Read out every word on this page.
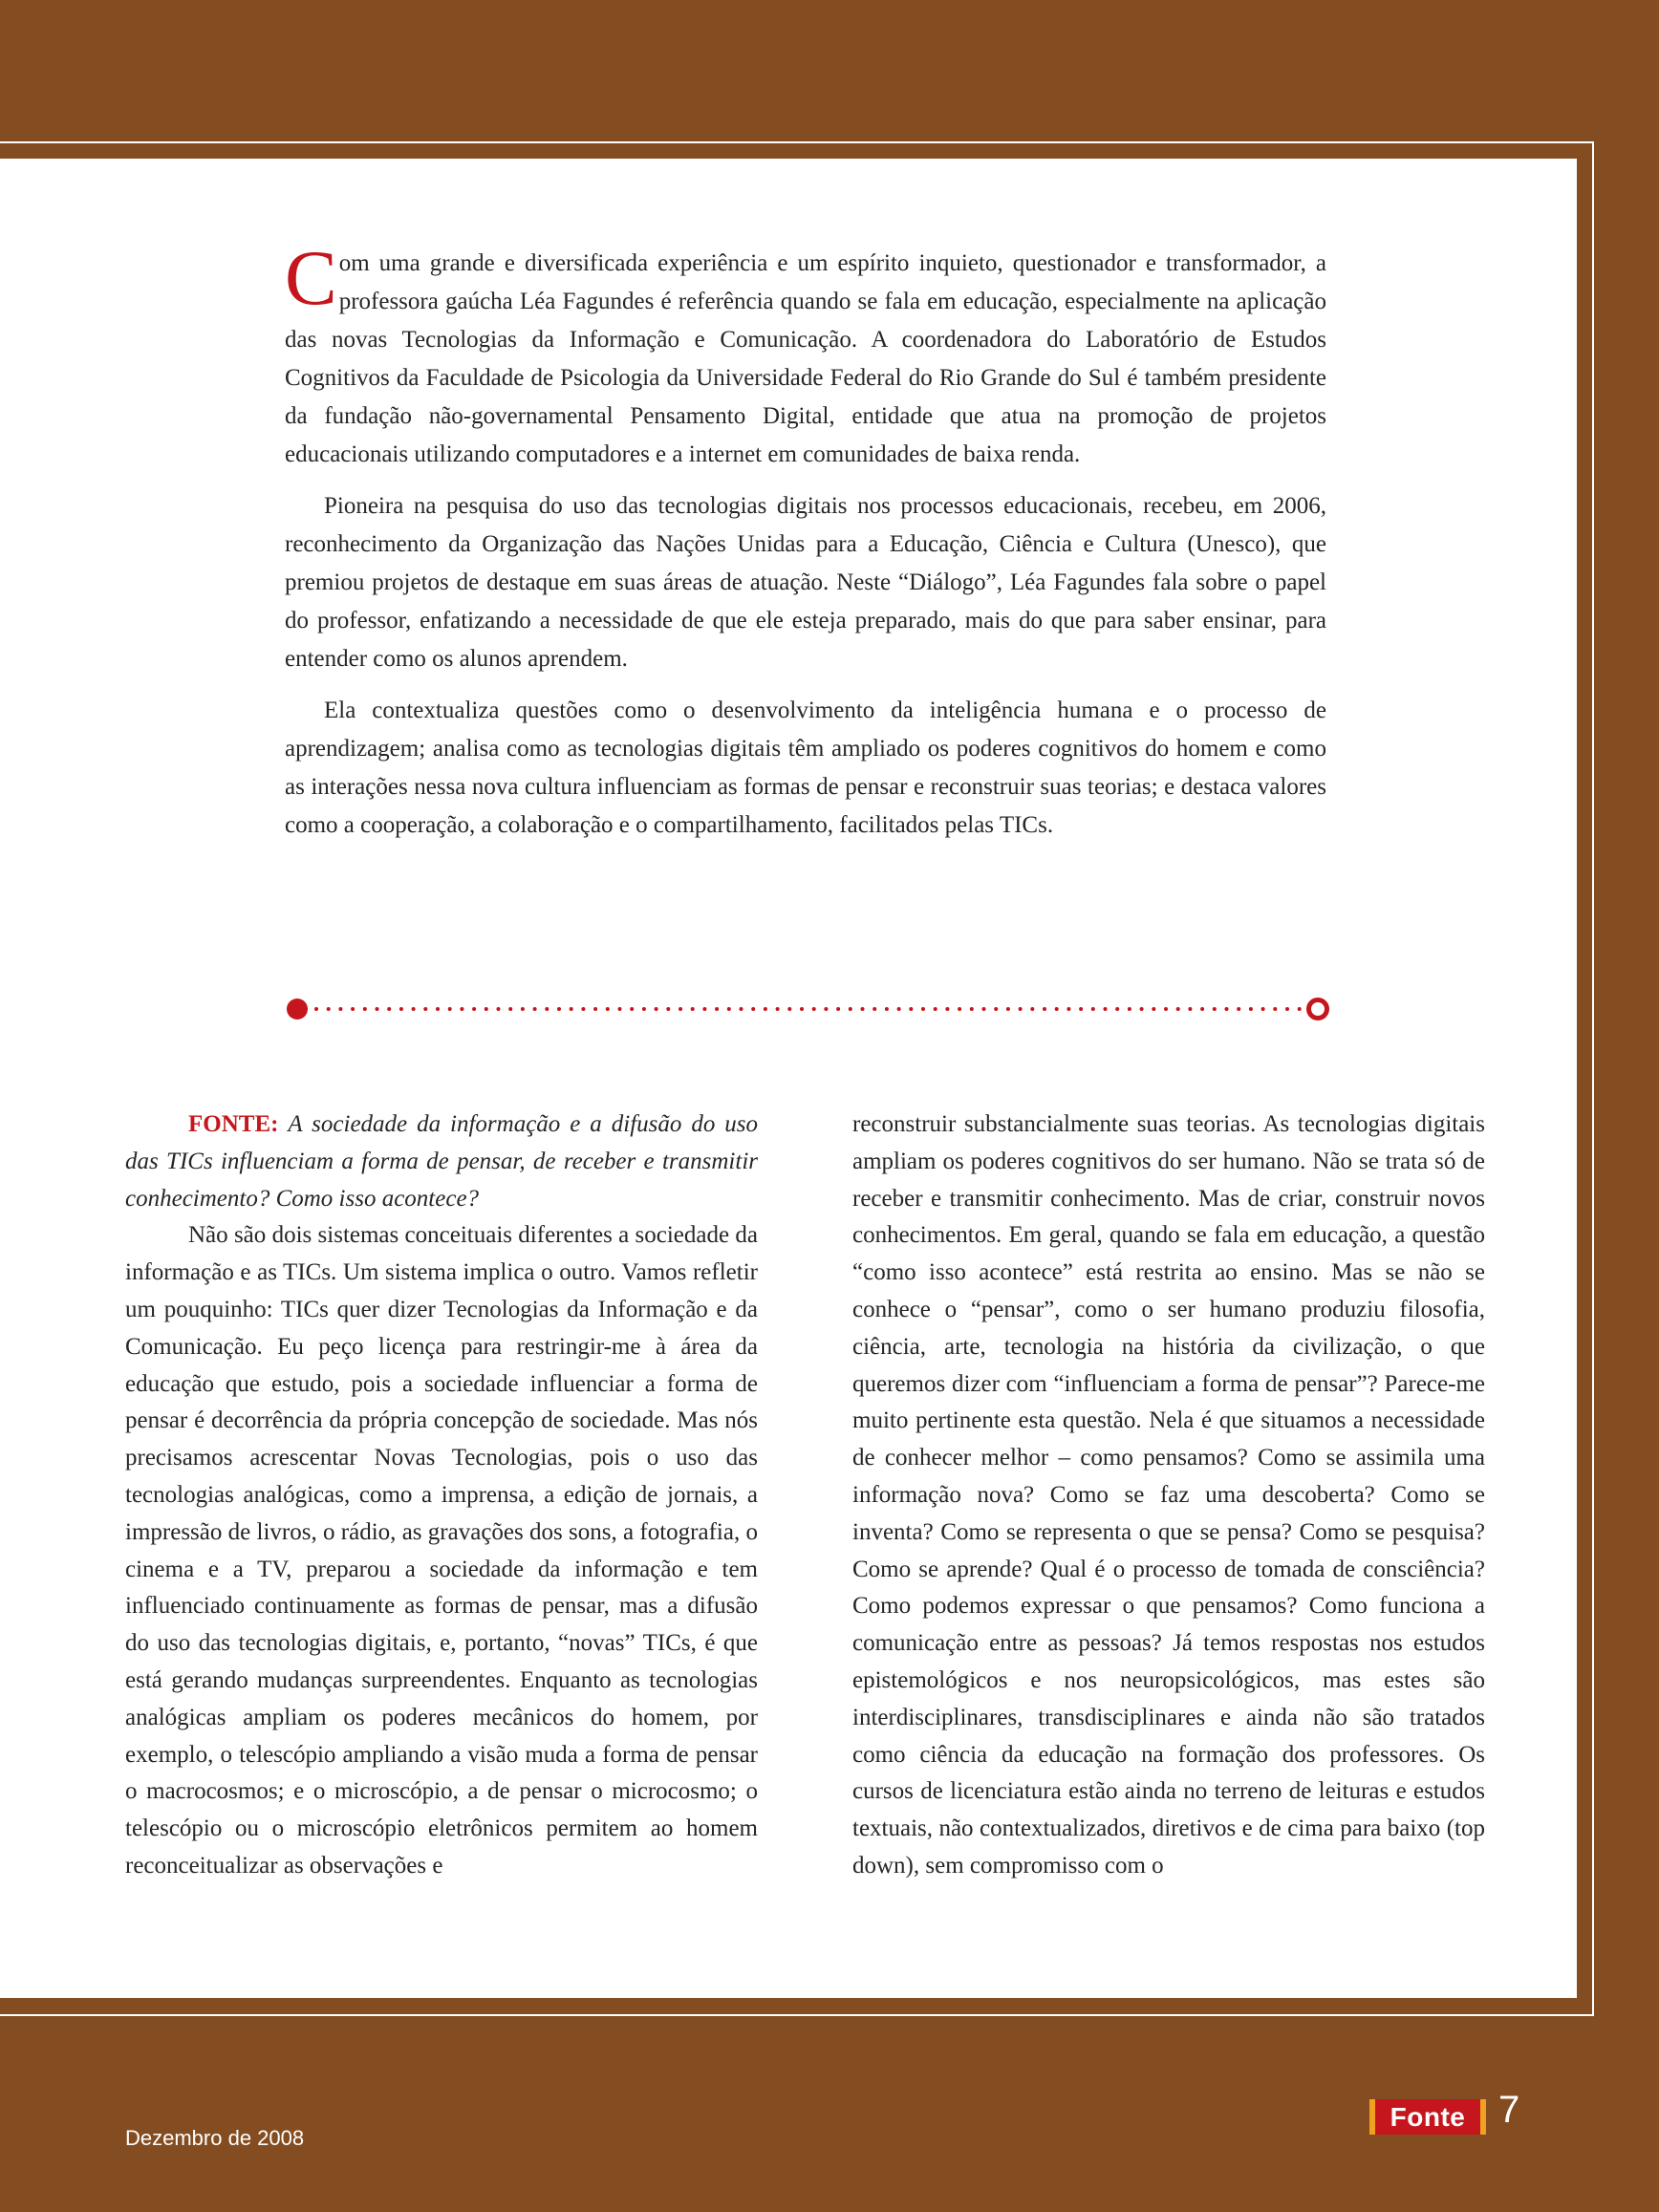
Com uma grande e diversificada experiência e um espírito inquieto, questionador e transformador, a professora gaúcha Léa Fagundes é referência quando se fala em educação, especialmente na aplicação das novas Tecnologias da Informação e Comunicação. A coordenadora do Laboratório de Estudos Cognitivos da Faculdade de Psicologia da Universidade Federal do Rio Grande do Sul é também presidente da fundação não-governamental Pensamento Digital, entidade que atua na promoção de projetos educacionais utilizando computadores e a internet em comunidades de baixa renda.

Pioneira na pesquisa do uso das tecnologias digitais nos processos educacionais, recebeu, em 2006, reconhecimento da Organização das Nações Unidas para a Educação, Ciência e Cultura (Unesco), que premiou projetos de destaque em suas áreas de atuação. Neste “Diálogo”, Léa Fagundes fala sobre o papel do professor, enfatizando a necessidade de que ele esteja preparado, mais do que para saber ensinar, para entender como os alunos aprendem.

Ela contextualiza questões como o desenvolvimento da inteligência humana e o processo de aprendizagem; analisa como as tecnologias digitais têm ampliado os poderes cognitivos do homem e como as interações nessa nova cultura influenciam as formas de pensar e reconstruir suas teorias; e destaca valores como a cooperação, a colaboração e o compartilhamento, facilitados pelas TICs.

FONTE: A sociedade da informação e a difusão do uso das TICs influenciam a forma de pensar, de receber e transmitir conhecimento? Como isso acontece?

Não são dois sistemas conceituais diferentes a sociedade da informação e as TICs. Um sistema implica o outro. Vamos refletir um pouquinho: TICs quer dizer Tecnologias da Informação e da Comunicação. Eu peço licença para restringir-me à área da educação que estudo, pois a sociedade influenciar a forma de pensar é decorrência da própria concepção de sociedade. Mas nós precisamos acrescentar Novas Tecnologias, pois o uso das tecnologias analógicas, como a imprensa, a edição de jornais, a impressão de livros, o rádio, as gravações dos sons, a fotografia, o cinema e a TV, preparou a sociedade da informação e tem influenciado continuamente as formas de pensar, mas a difusão do uso das tecnologias digitais, e, portanto, “novas” TICs, é que está gerando mudanças surpreendentes. Enquanto as tecnologias analógicas ampliam os poderes mecânicos do homem, por exemplo, o telescópio ampliando a visão muda a forma de pensar o macrocosmos; e o microscópio, a de pensar o microcosmo; o telescópio ou o microscópio eletrônicos permitem ao homem reconceitualizar as observações e

reconstruir substancialmente suas teorias. As tecnologias digitais ampliam os poderes cognitivos do ser humano. Não se trata só de receber e transmitir conhecimento. Mas de criar, construir novos conhecimentos. Em geral, quando se fala em educação, a questão “como isso acontece” está restrita ao ensino. Mas se não se conhece o “pensar”, como o ser humano produziu filosofia, ciência, arte, tecnologia na história da civilização, o que queremos dizer com “influenciam a forma de pensar”? Parece-me muito pertinente esta questão. Nela é que situamos a necessidade de conhecer melhor – como pensamos? Como se assimila uma informação nova? Como se faz uma descoberta? Como se inventa? Como se representa o que se pensa? Como se pesquisa? Como se aprende? Qual é o processo de tomada de consciência? Como podemos expressar o que pensamos? Como funciona a comunicação entre as pessoas? Já temos respostas nos estudos epistemológicos e nos neuropsicológicos, mas estes são interdisciplinares, transdisciplinares e ainda não são tratados como ciência da educação na formação dos professores. Os cursos de licenciatura estão ainda no terreno de leituras e estudos textuais, não contextualizados, diretivos e de cima para baixo (top down), sem compromisso com o

Dezembro de 2008
Fonte 7
